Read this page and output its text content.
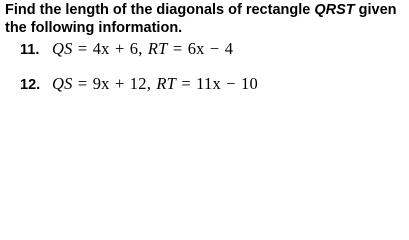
Find the length of the diagonals of rectangle QRST given the following information.
11. QS = 4x + 6, RT = 6x − 4
12. QS = 9x + 12, RT = 11x − 10
